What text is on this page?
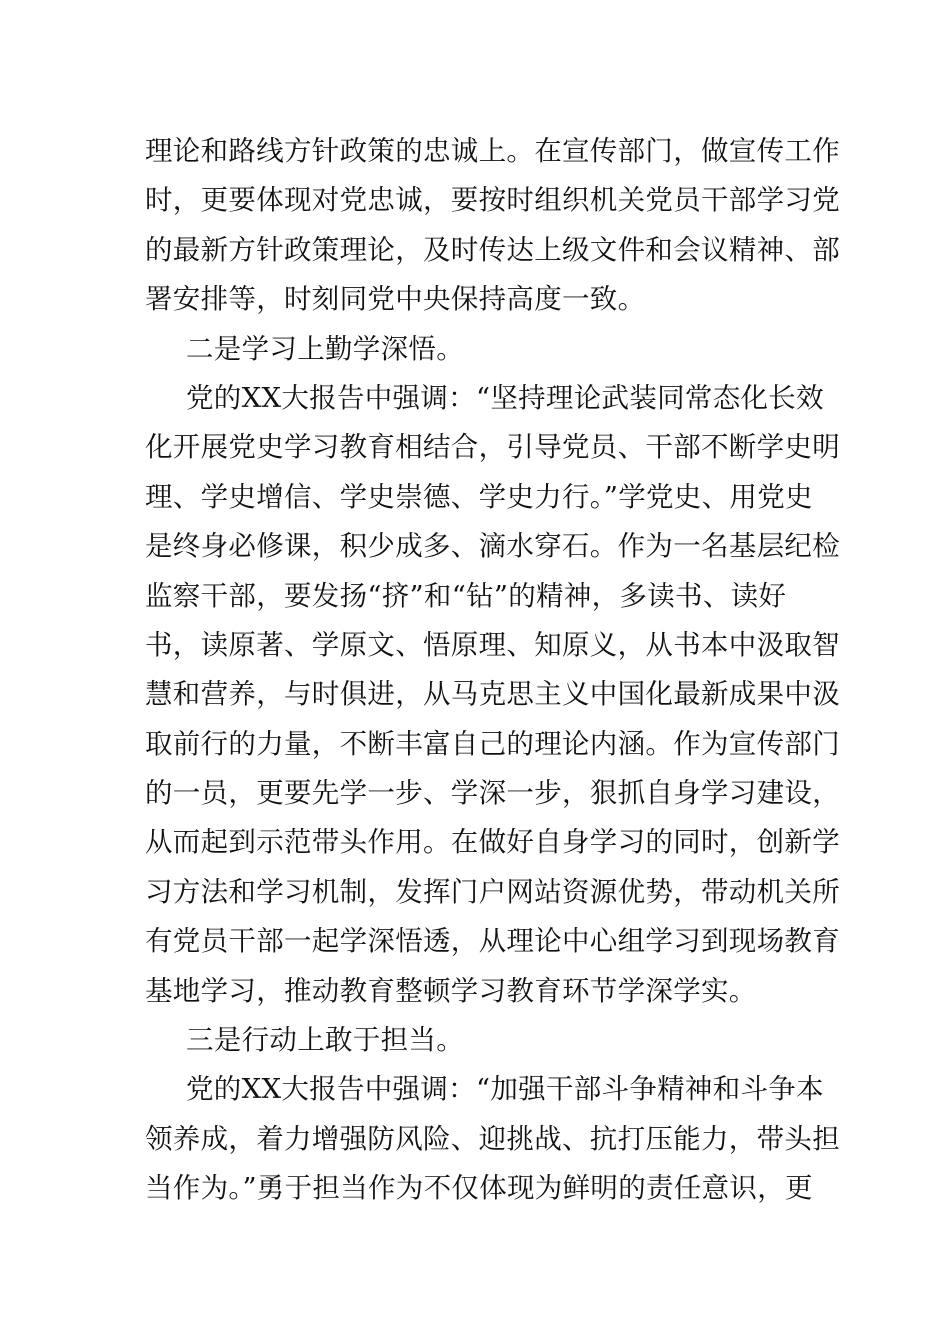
理论和路线方针政策的忠诚上。在宣传部门，做宣传工作
时，更要体现对党忠诚，要按时组织机关党员干部学习党
的最新方针政策理论，及时传达上级文件和会议精神、部
署安排等，时刻同党中央保持高度一致。
二是学习上勤学深悟。
党的XX大报告中强调：“坚持理论武装同常态化长效
化开展党史学习教育相结合，引导党员、干部不断学史明
理、学史增信、学史崇德、学史力行。”学党史、用党史
是终身必修课，积少成多、滴水穿石。作为一名基层纪检
监察干部，要发扬“挤”和“钻”的精神，多读书、读好
书，读原著、学原文、悟原理、知原义，从书本中汲取智
慧和营养，与时俱进，从马克思主义中国化最新成果中汲
取前行的力量，不断丰富自己的理论内涵。作为宣传部门
的一员，更要先学一步、学深一步，狠抓自身学习建设，
从而起到示范带头作用。在做好自身学习的同时，创新学
习方法和学习机制，发挥门户网站资源优势，带动机关所
有党员干部一起学深悟透，从理论中心组学习到现场教育
基地学习，推动教育整顿学习教育环节学深学实。
三是行动上敢于担当。
党的XX大报告中强调：“加强干部斗争精神和斗争本
领养成，着力增强防风险、迎挑战、抗打压能力，带头担
当作为。”勇于担当作为不仅体现为鲜明的责任意识，更
